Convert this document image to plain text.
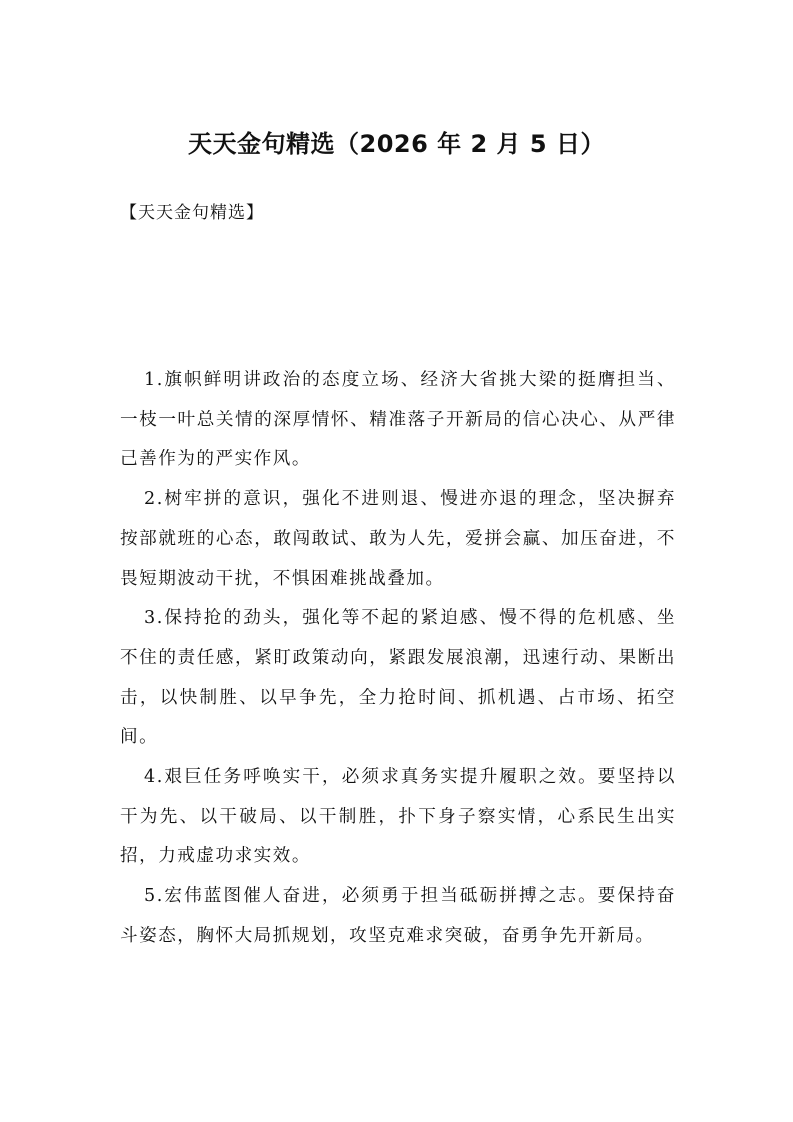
天天金句精选（2026 年 2 月 5 日）
【天天金句精选】

1.旗帜鲜明讲政治的态度立场、经济大省挑大梁的挺膺担当、一枝一叶总关情的深厚情怀、精准落子开新局的信心决心、从严律己善作为的严实作风。

2.树牢拼的意识，强化不进则退、慢进亦退的理念，坚决摒弃按部就班的心态，敢闯敢试、敢为人先，爱拼会赢、加压奋进，不畏短期波动干扰，不惧困难挑战叠加。

3.保持抢的劲头，强化等不起的紧迫感、慢不得的危机感、坐不住的责任感，紧盯政策动向，紧跟发展浪潮，迅速行动、果断出击，以快制胜、以早争先，全力抢时间、抓机遇、占市场、拓空间。

4.艰巨任务呼唤实干，必须求真务实提升履职之效。要坚持以干为先、以干破局、以干制胜，扑下身子察实情，心系民生出实招，力戒虚功求实效。

5.宏伟蓝图催人奋进，必须勇于担当砥砺拼搏之志。要保持奋斗姿态，胸怀大局抓规划，攻坚克难求突破，奋勇争先开新局。
